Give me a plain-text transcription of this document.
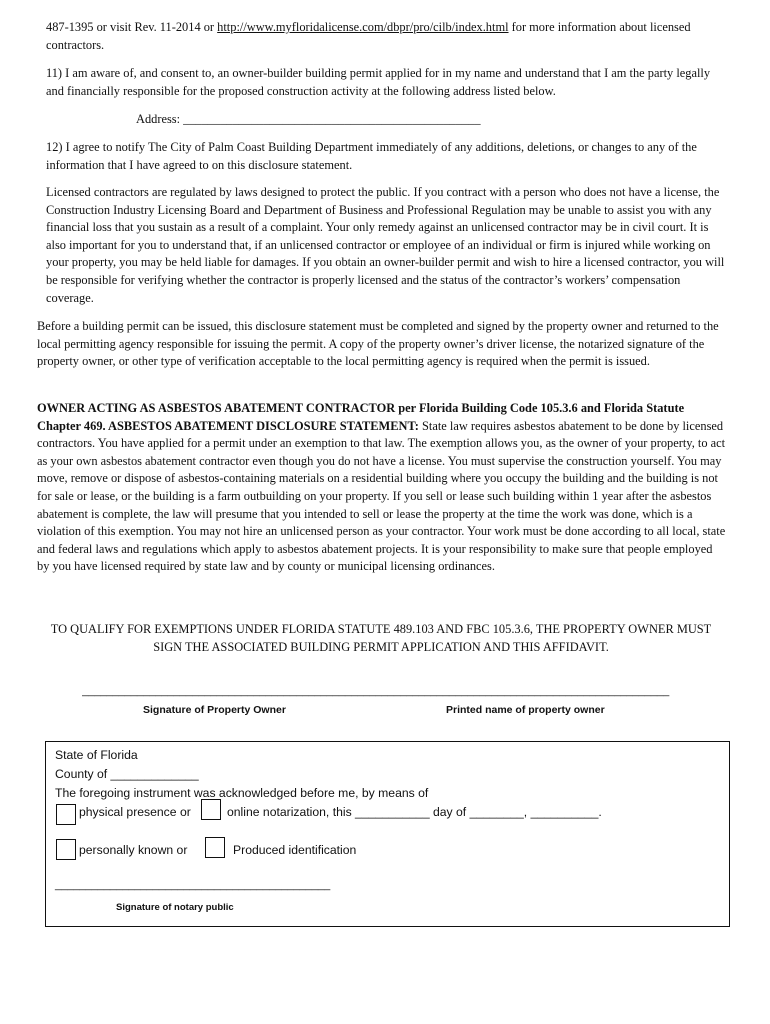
487-1395 or visit Rev. 11-2014 or http://www.myfloridalicense.com/dbpr/pro/cilb/index.html for more information about licensed contractors.

11) I am aware of, and consent to, an owner-builder building permit applied for in my name and understand that I am the party legally and financially responsible for the proposed construction activity at the following address listed below.

Address: ________________________________________________

12) I agree to notify The City of Palm Coast Building Department immediately of any additions, deletions, or changes to any of the information that I have agreed to on this disclosure statement.

Licensed contractors are regulated by laws designed to protect the public. If you contract with a person who does not have a license, the Construction Industry Licensing Board and Department of Business and Professional Regulation may be unable to assist you with any financial loss that you sustain as a result of a complaint. Your only remedy against an unlicensed contractor may be in civil court. It is also important for you to understand that, if an unlicensed contractor or employee of an individual or firm is injured while working on your property, you may be held liable for damages. If you obtain an owner-builder permit and wish to hire a licensed contractor, you will be responsible for verifying whether the contractor is properly licensed and the status of the contractor’s workers’ compensation coverage.

Before a building permit can be issued, this disclosure statement must be completed and signed by the property owner and returned to the local permitting agency responsible for issuing the permit. A copy of the property owner’s driver license, the notarized signature of the property owner, or other type of verification acceptable to the local permitting agency is required when the permit is issued.

OWNER ACTING AS ASBESTOS ABATEMENT CONTRACTOR per Florida Building Code 105.3.6 and Florida Statute Chapter 469. ASBESTOS ABATEMENT DISCLOSURE STATEMENT: State law requires asbestos abatement to be done by licensed contractors. You have applied for a permit under an exemption to that law. The exemption allows you, as the owner of your property, to act as your own asbestos abatement contractor even though you do not have a license. You must supervise the construction yourself. You may move, remove or dispose of asbestos-containing materials on a residential building where you occupy the building and the building is not for sale or lease, or the building is a farm outbuilding on your property. If you sell or lease such building within 1 year after the asbestos abatement is complete, the law will presume that you intended to sell or lease the property at the time the work was done, which is a violation of this exemption. You may not hire an unlicensed person as your contractor. Your work must be done according to all local, state and federal laws and regulations which apply to asbestos abatement projects. It is your responsibility to make sure that people employed by you have licensed required by state law and by county or municipal licensing ordinances.

TO QUALIFY FOR EXEMPTIONS UNDER FLORIDA STATUTE 489.103 AND FBC 105.3.6, THE PROPERTY OWNER MUST SIGN THE ASSOCIATED BUILDING PERMIT APPLICATION AND THIS AFFIDAVIT.

________________________________________________________________________________________________
Signature of Property Owner	Printed name of property owner
State of Florida
County of _____________
The foregoing instrument was acknowledged before me, by means of
physical presence or	online notarization, this ___________ day of ________, __________.
personally known or	Produced identification
_____________________________________________
Signature of notary public
